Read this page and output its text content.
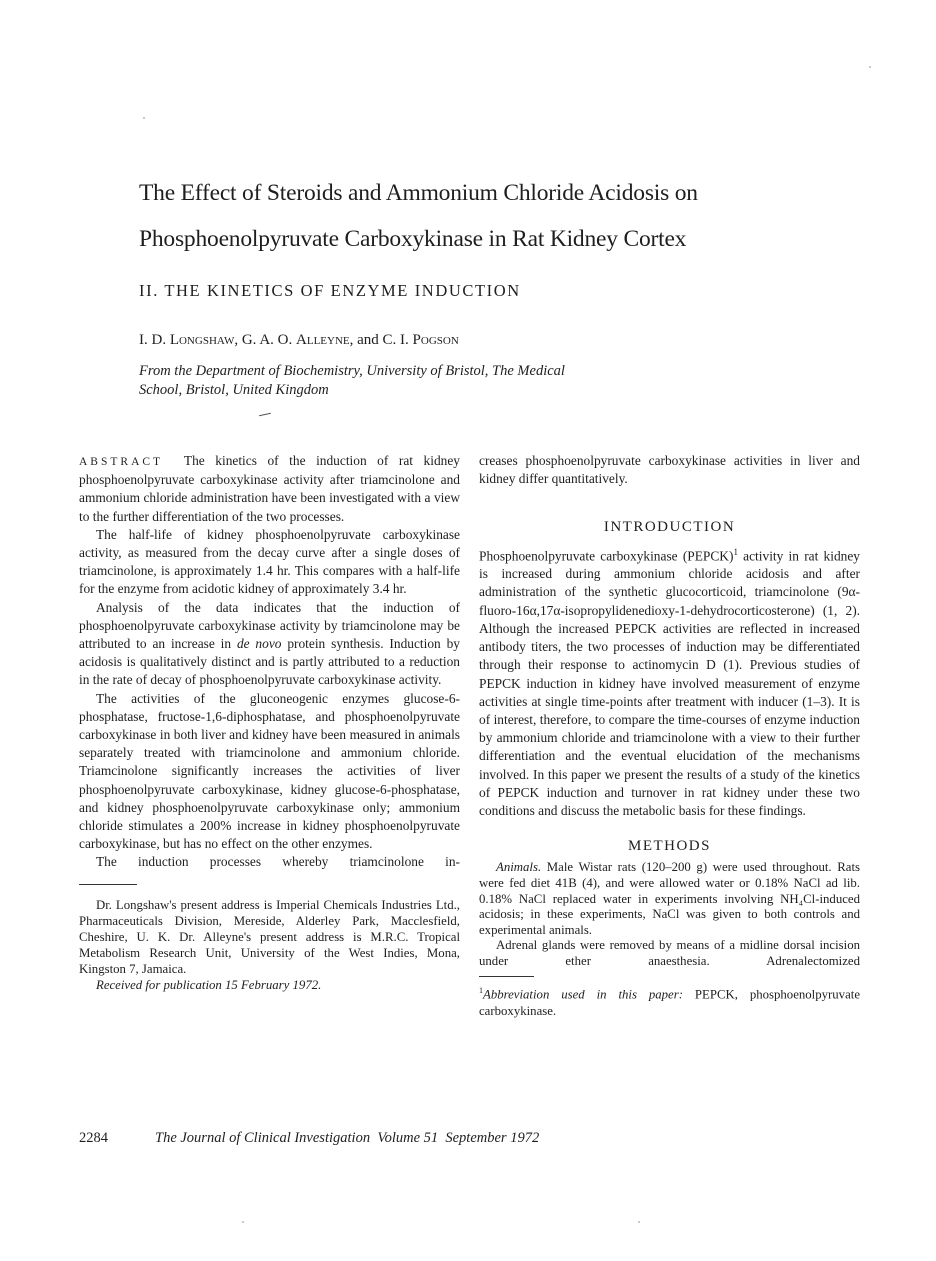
The Effect of Steroids and Ammonium Chloride Acidosis on
Phosphoenolpyruvate Carboxykinase in Rat Kidney Cortex
II. THE KINETICS OF ENZYME INDUCTION
I. D. Longshaw, G. A. O. Alleyne, and C. I. Pogson
From the Department of Biochemistry, University of Bristol, The Medical
School, Bristol, United Kingdom

ABSTRACT The kinetics of the induction of rat kidney phosphoenolpyruvate carboxykinase activity after triamcinolone and ammonium chloride administration have been investigated with a view to the further differentiation of the two processes.

The half-life of kidney phosphoenolpyruvate carboxykinase activity, as measured from the decay curve after a single doses of triamcinolone, is approximately 1.4 hr. This compares with a half-life for the enzyme from acidotic kidney of approximately 3.4 hr.

Analysis of the data indicates that the induction of phosphoenolpyruvate carboxykinase activity by triamcinolone may be attributed to an increase in de novo protein synthesis. Induction by acidosis is qualitatively distinct and is partly attributed to a reduction in the rate of decay of phosphoenolpyruvate carboxykinase activity.

The activities of the gluconeogenic enzymes glucose-6-phosphatase, fructose-1,6-diphosphatase, and phosphoenolpyruvate carboxykinase in both liver and kidney have been measured in animals separately treated with triamcinolone and ammonium chloride. Triamcinolone significantly increases the activities of liver phosphoenolpyruvate carboxykinase, kidney glucose-6-phosphatase, and kidney phosphoenolpyruvate carboxykinase only; ammonium chloride stimulates a 200% increase in kidney phosphoenolpyruvate carboxykinase, but has no effect on the other enzymes.

The induction processes whereby triamcinolone in-

Dr. Longshaw's present address is Imperial Chemicals Industries Ltd., Pharmaceuticals Division, Mereside, Alderley Park, Macclesfield, Cheshire, U. K. Dr. Alleyne's present address is M.R.C. Tropical Metabolism Research Unit, University of the West Indies, Mona, Kingston 7, Jamaica.

Received for publication 15 February 1972.

creases phosphoenolpyruvate carboxykinase activities in liver and kidney differ quantitatively.

INTRODUCTION

Phosphoenolpyruvate carboxykinase (PEPCK)$^1$ activity in rat kidney is increased during ammonium chloride acidosis and after administration of the synthetic glucocorticoid, triamcinolone (9α-fluoro-16α,17α-isopropylidenedioxy-1-dehydrocorticosterone) (1, 2). Although the increased PEPCK activities are reflected in increased antibody titers, the two processes of induction may be differentiated through their response to actinomycin D (1). Previous studies of PEPCK induction in kidney have involved measurement of enzyme activities at single time-points after treatment with inducer (1–3). It is of interest, therefore, to compare the time-courses of enzyme induction by ammonium chloride and triamcinolone with a view to their further differentiation and the eventual elucidation of the mechanisms involved. In this paper we present the results of a study of the kinetics of PEPCK induction and turnover in rat kidney under these two conditions and discuss the metabolic basis for these findings.

METHODS

Animals. Male Wistar rats (120–200 g) were used throughout. Rats were fed diet 41B (4), and were allowed water or 0.18% NaCl ad lib. 0.18% NaCl replaced water in experiments involving NH₄Cl-induced acidosis; in these experiments, NaCl was given to both controls and experimental animals.

Adrenal glands were removed by means of a midline dorsal incision under ether anaesthesia. Adrenalectomized

$^1$Abbreviation used in this paper: PEPCK, phosphoenolpyruvate carboxykinase.

2284	The Journal of Clinical Investigation  Volume 51  September 1972
